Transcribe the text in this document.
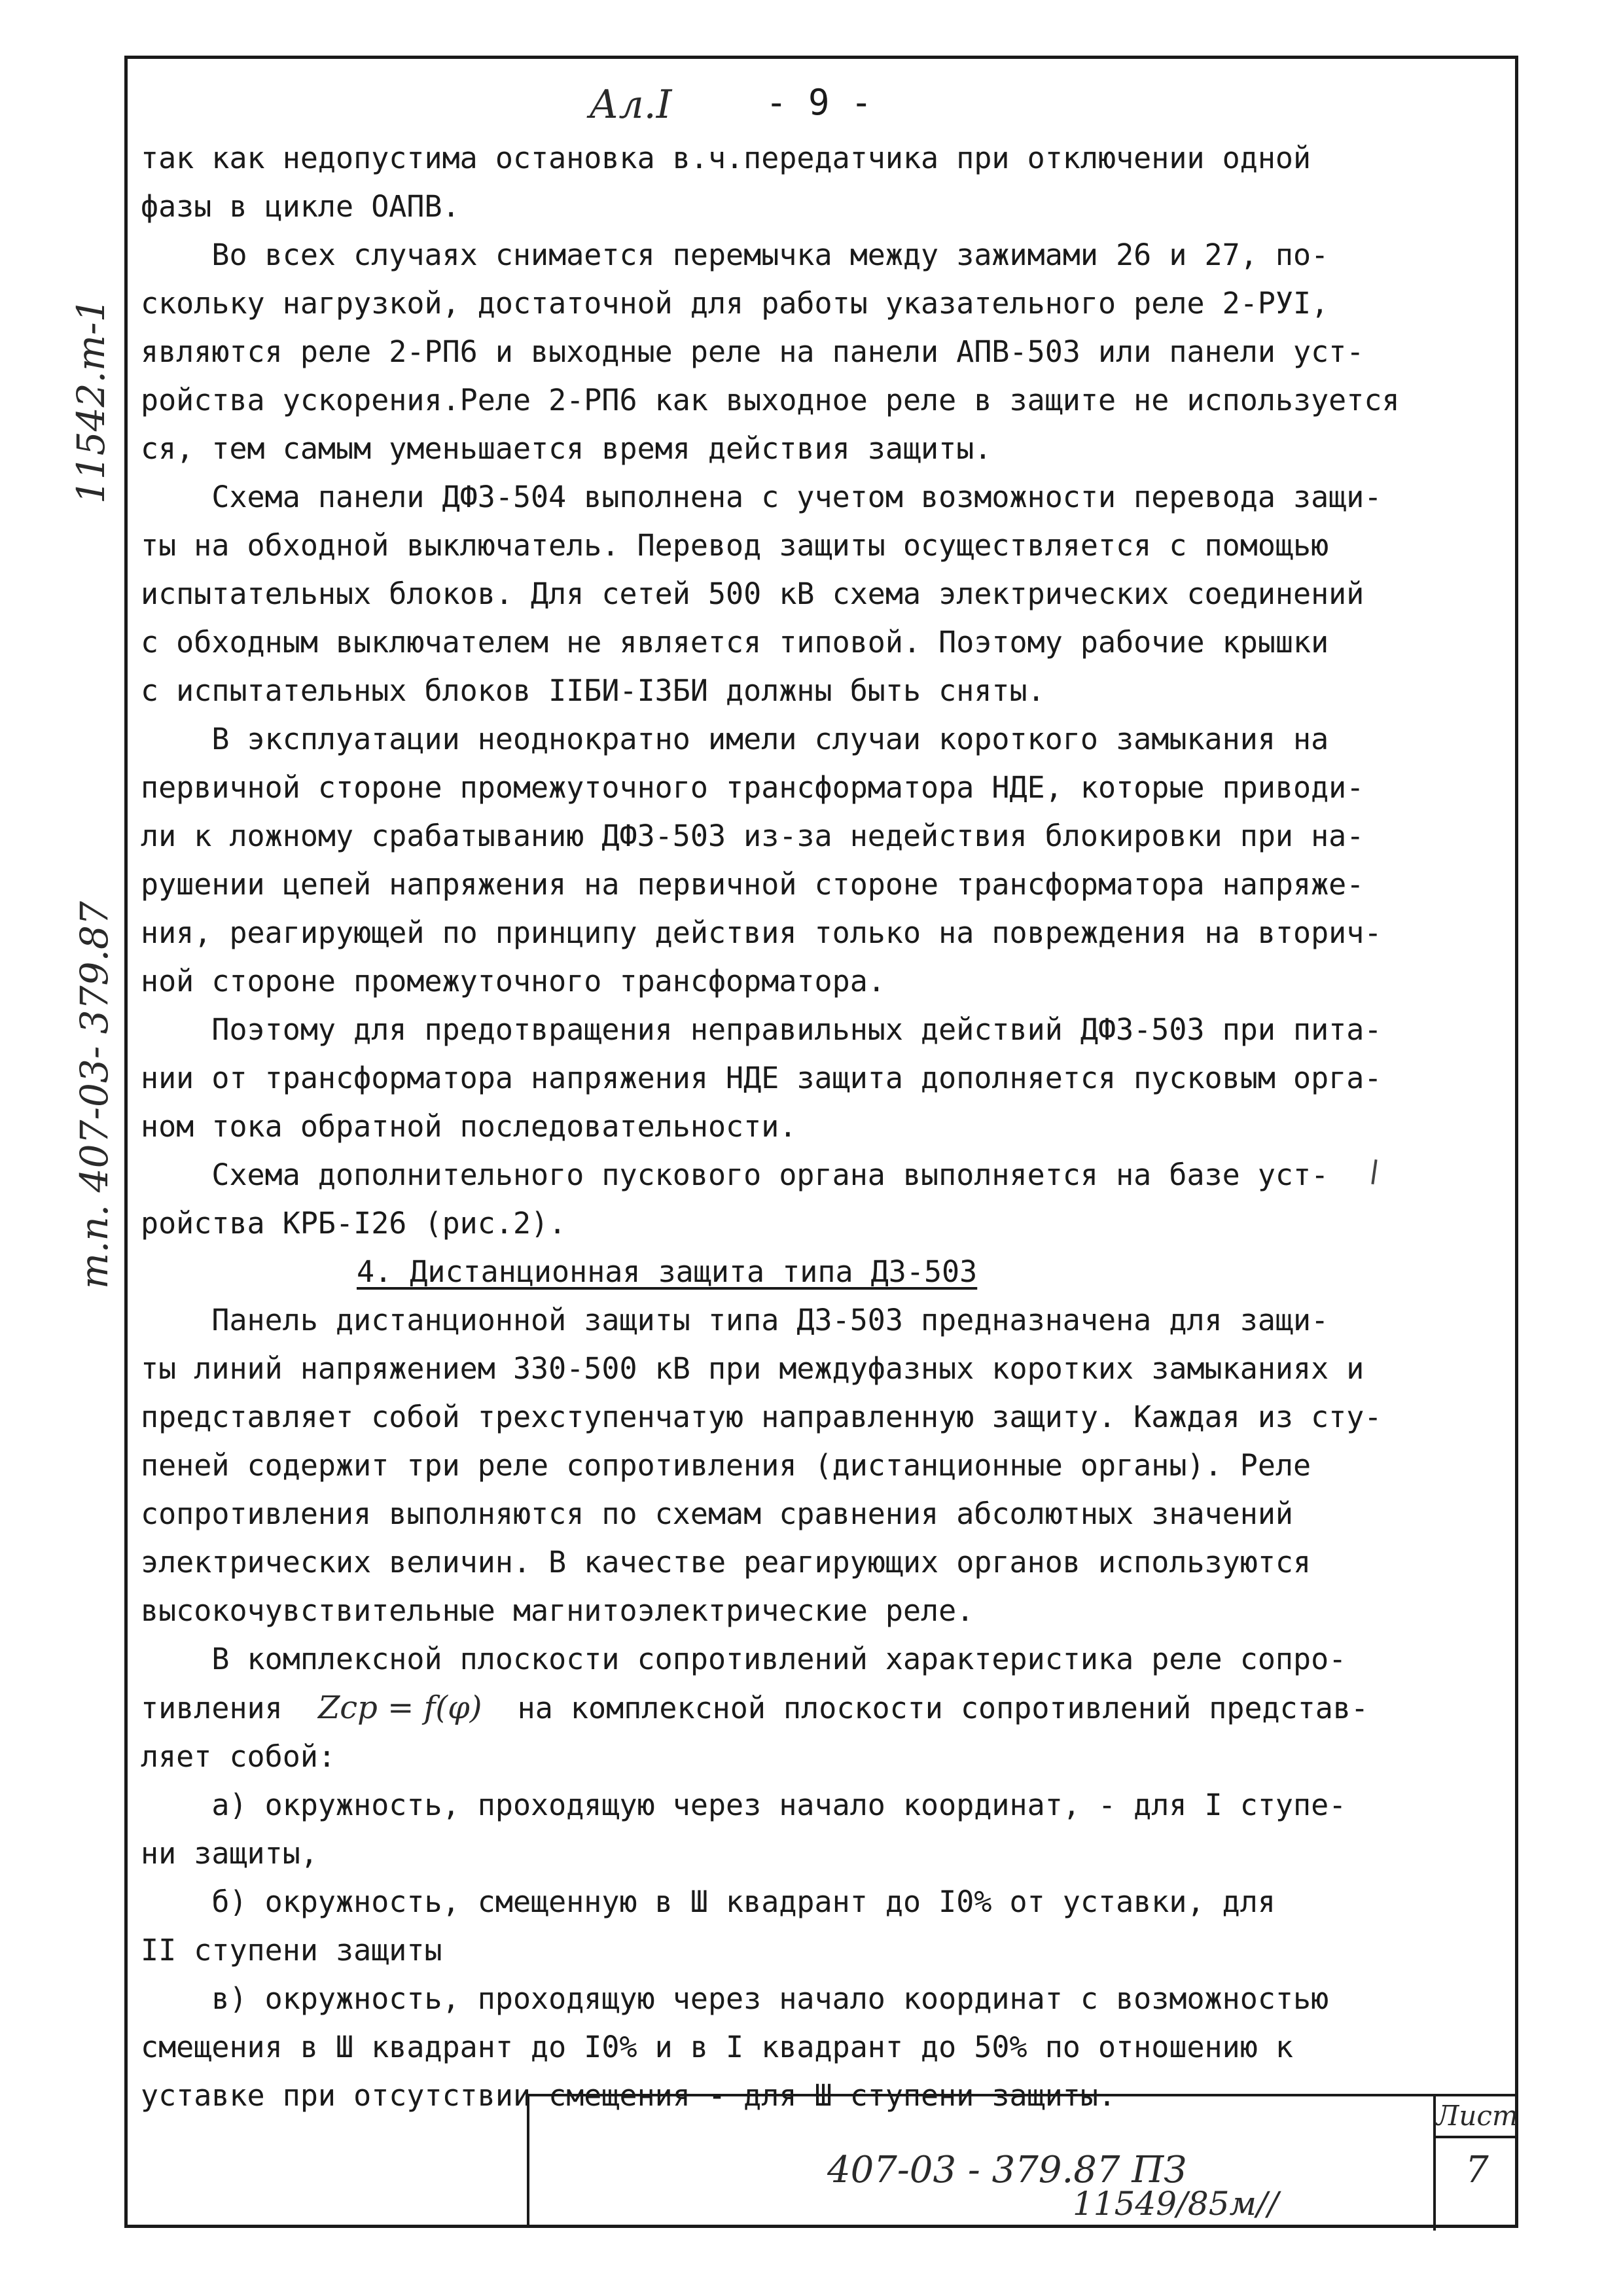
Ал.I	- 9 -
11542.т-1
т.п. 407-03- 379.87

так как недопустима остановка в.ч.передатчика при отключении одной

фазы в цикле ОАПВ.

Во всех случаях снимается перемычка между зажимами 26 и 27, по-

скольку нагрузкой, достаточной для работы указательного реле 2-РУI,

являются реле 2-РП6 и выходные реле на панели АПВ-503 или панели уст-

ройства ускорения.Реле 2-РП6 как выходное реле в защите не используется

ся, тем самым уменьшается время действия защиты.

Схема панели ДФЗ-504 выполнена с учетом возможности перевода защи-

ты на обходной выключатель. Перевод защиты осуществляется с помощью

испытательных блоков. Для сетей 500 кВ схема электрических соединений

с обходным выключателем не является типовой. Поэтому рабочие крышки

с испытательных блоков IIБИ-I3БИ должны быть сняты.

В эксплуатации неоднократно имели случаи короткого замыкания на

первичной стороне промежуточного трансформатора НДЕ, которые приводи-

ли к ложному срабатыванию ДФЗ-503 из-за недействия блокировки при на-

рушении цепей напряжения на первичной стороне трансформатора напряже-

ния, реагирующей по принципу действия только на повреждения на вторич-

ной стороне промежуточного трансформатора.

Поэтому для предотвращения неправильных действий ДФЗ-503 при пита-

нии от трансформатора напряжения НДЕ защита дополняется пусковым орга-

ном тока обратной последовательности.

Схема дополнительного пускового органа выполняется на базе уст-

ройства КРБ-I26 (рис.2).

4. Дистанционная защита типа ДЗ-503

Панель дистанционной защиты типа ДЗ-503 предназначена для защи-

ты линий напряжением 330-500 кВ при междуфазных коротких замыканиях и

представляет собой трехступенчатую направленную защиту. Каждая из сту-

пеней содержит три реле сопротивления (дистанционные органы). Реле

сопротивления выполняются по схемам сравнения абсолютных значений

электрических величин. В качестве реагирующих органов используются

высокочувствительные магнитоэлектрические реле.

В комплексной плоскости сопротивлений характеристика реле сопро-

тивления Zср = f(φ) на комплексной плоскости сопротивлений представ-

ляет собой:

а) окружность, проходящую через начало координат, - для I ступе-

ни защиты,

б) окружность, смещенную в Ш квадрант до I0% от уставки, для

II ступени защиты

в) окружность, проходящую через начало координат с возможностью

смещения в Ш квадрант до I0% и в I квадрант до 50% по отношению к

уставке при отсутствии смещения - для Ш ступени защиты.

407-03 - 379.87 ПЗ
11549/85м//
Лист
7
